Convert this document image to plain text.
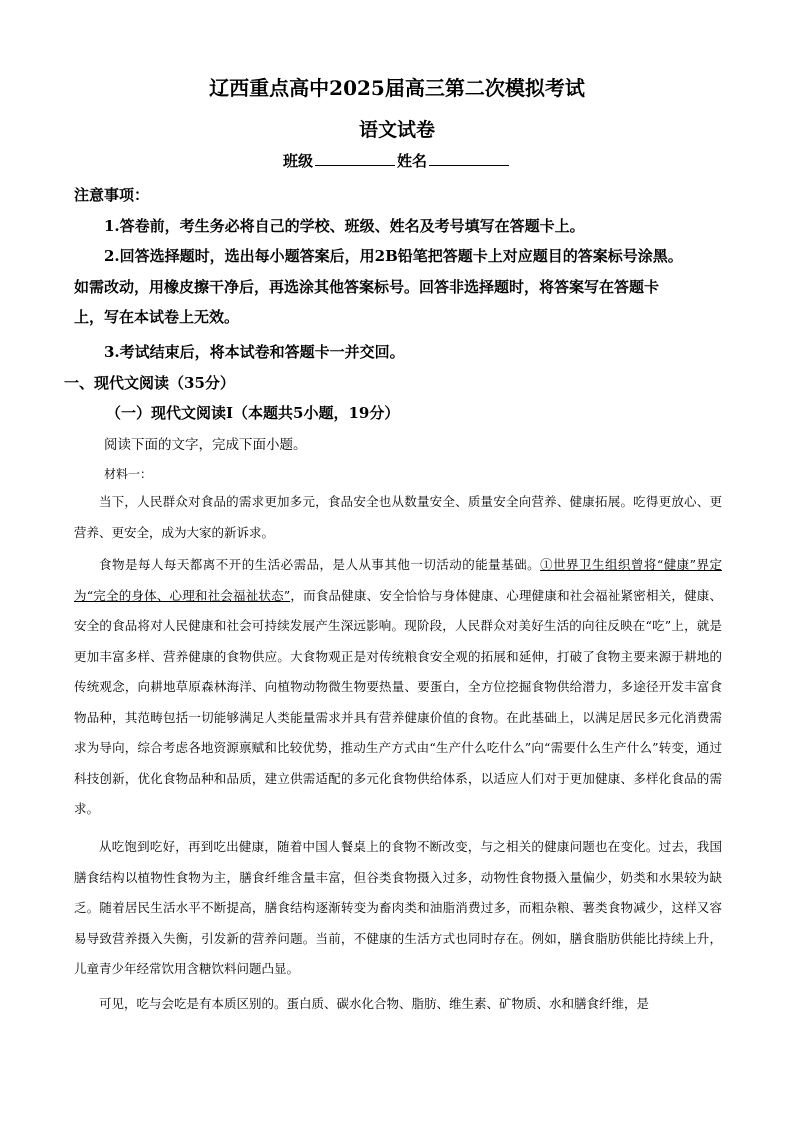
辽西重点高中2025届高三第二次模拟考试
语文试卷
班级	姓名
注意事项：
1.答卷前，考生务必将自己的学校、班级、姓名及考号填写在答题卡上。
2.回答选择题时，选出每小题答案后，用2B铅笔把答题卡上对应题目的答案标号涂黑。
如需改动，用橡皮擦干净后，再选涂其他答案标号。回答非选择题时，将答案写在答题卡
上，写在本试卷上无效。
3.考试结束后，将本试卷和答题卡一并交回。
一、现代文阅读（35分）
（一）现代文阅读Ⅰ（本题共5小题，19分）
阅读下面的文字，完成下面小题。
材料一：

当下，人民群众对食品的需求更加多元，食品安全也从数量安全、质量安全向营养、健康拓展。吃得更放心、更营养、更安全，成为大家的新诉求。

食物是每人每天都离不开的生活必需品，是人从事其他一切活动的能量基础。①世界卫生组织曾将“健康”界定为“完全的身体、心理和社会福祉状态”，而食品健康、安全恰恰与身体健康、心理健康和社会福祉紧密相关，健康、安全的食品将对人民健康和社会可持续发展产生深远影响。现阶段，人民群众对美好生活的向往反映在“吃”上，就是更加丰富多样、营养健康的食物供应。大食物观正是对传统粮食安全观的拓展和延伸，打破了食物主要来源于耕地的传统观念，向耕地草原森林海洋、向植物动物微生物要热量、要蛋白，全方位挖掘食物供给潜力，多途径开发丰富食物品种，其范畴包括一切能够满足人类能量需求并具有营养健康价值的食物。在此基础上，以满足居民多元化消费需求为导向，综合考虑各地资源禀赋和比较优势，推动生产方式由“生产什么吃什么”向“需要什么生产什么”转变，通过科技创新，优化食物品种和品质，建立供需适配的多元化食物供给体系，以适应人们对于更加健康、多样化食品的需求。

从吃饱到吃好，再到吃出健康，随着中国人餐桌上的食物不断改变，与之相关的健康问题也在变化。过去，我国膳食结构以植物性食物为主，膳食纤维含量丰富，但谷类食物摄入过多，动物性食物摄入量偏少，奶类和水果较为缺乏。随着居民生活水平不断提高，膳食结构逐渐转变为畜肉类和油脂消费过多，而粗杂粮、薯类食物减少，这样又容易导致营养摄入失衡，引发新的营养问题。当前，不健康的生活方式也同时存在。例如，膳食脂肪供能比持续上升，儿童青少年经常饮用含糖饮料问题凸显。

可见，吃与会吃是有本质区别的。蛋白质、碳水化合物、脂肪、维生素、矿物质、水和膳食纤维，是
